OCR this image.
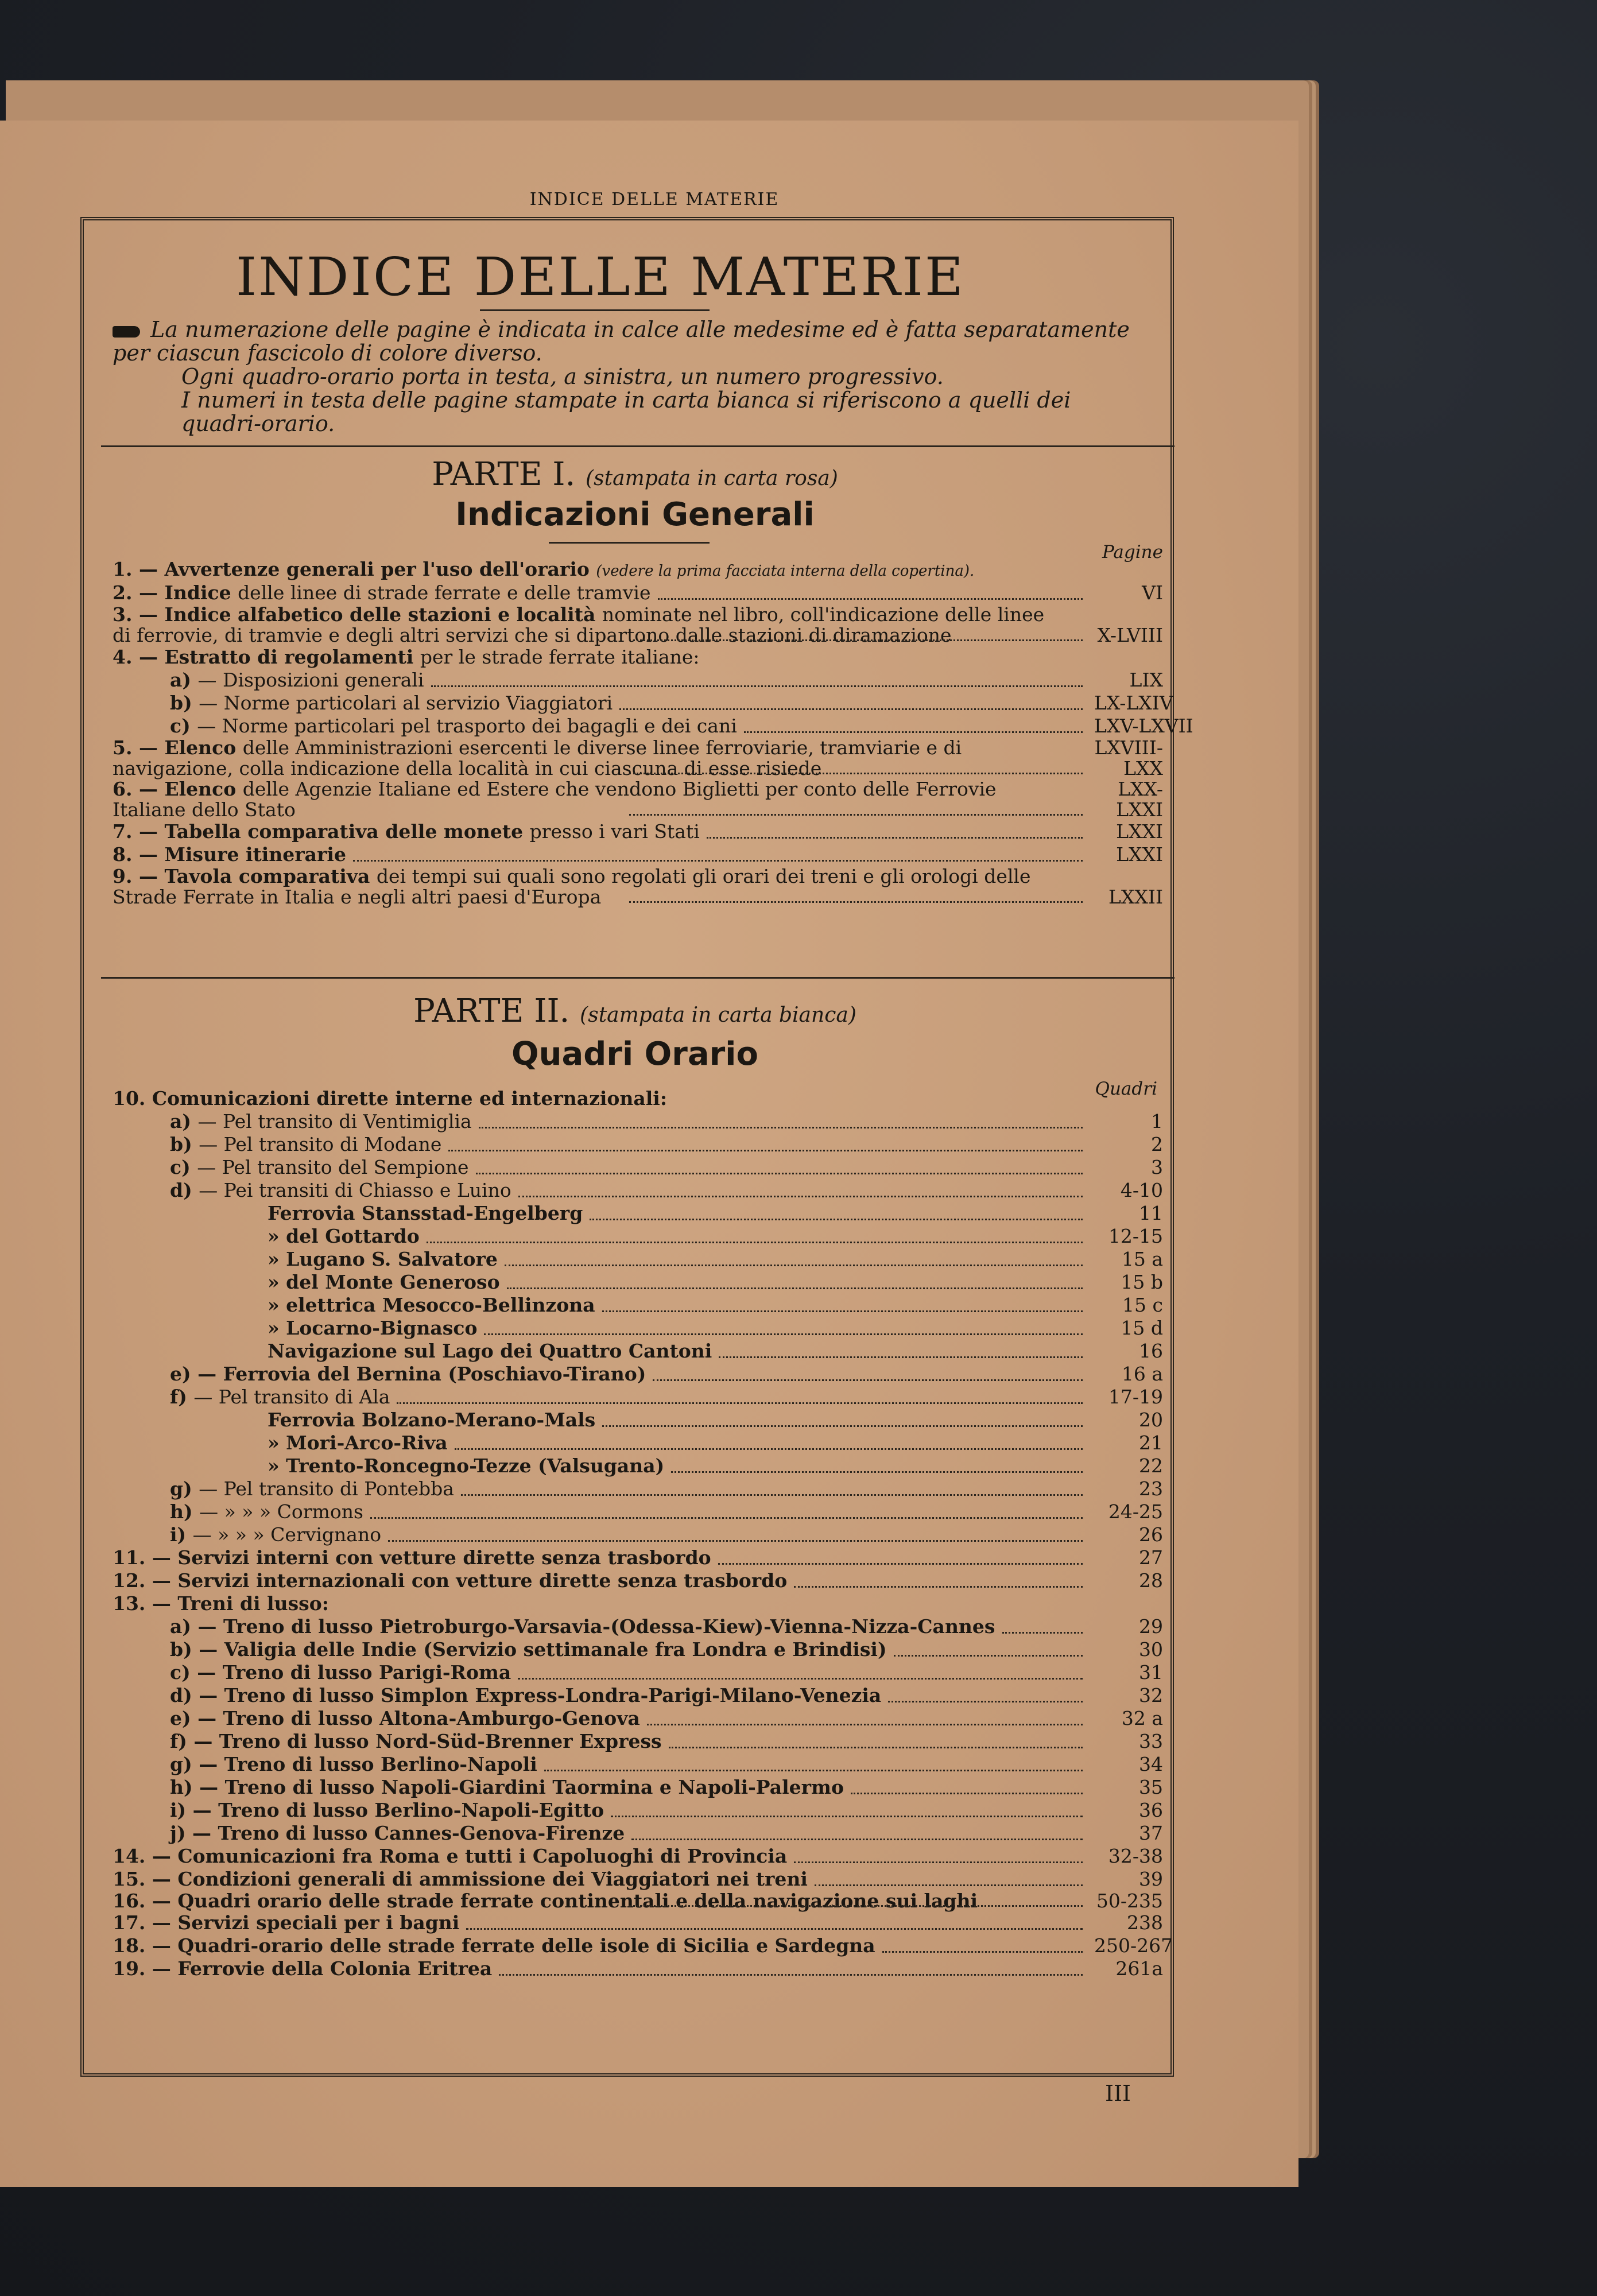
INDICE DELLE MATERIE
INDICE DELLE MATERIE

La numerazione delle pagine è indicata in calce alle medesime ed è fatta separatamente per ciascun fascicolo di colore diverso.

Ogni quadro-orario porta in testa, a sinistra, un numero progressivo.

I numeri in testa delle pagine stampate in carta bianca si riferiscono a quelli dei quadri-orario.

PARTE I. (stampata in carta rosa)
Indicazioni Generali
Pagine
1. — Avvertenze generali per l'uso dell'orario (vedere la prima facciata interna della copertina).
2. — Indice delle linee di strade ferrate e delle tramvie	VI
3. — Indice alfabetico delle stazioni e località nominate nel libro, coll'indicazione delle linee di ferrovie, di tramvie e degli altri servizi che si dipartono dalle stazioni di diramazione	X-LVIII
4. — Estratto di regolamenti per le strade ferrate italiane:
a) — Disposizioni generali	LIX
b) — Norme particolari al servizio Viaggiatori	LX-LXIV
c) — Norme particolari pel trasporto dei bagagli e dei cani	LXV-LXVII
5. — Elenco delle Amministrazioni esercenti le diverse linee ferroviarie, tramviarie e di navigazione, colla indicazione della località in cui ciascuna di esse risiede
LXVIII-LXX
6. — Elenco delle Agenzie Italiane ed Estere che vendono Biglietti per conto delle Ferrovie Italiane dello Stato
LXX-LXXI
7. — Tabella comparativa delle monete presso i vari Stati	LXXI
8. — Misure itinerarie	LXXI
9. — Tavola comparativa dei tempi sui quali sono regolati gli orari dei treni e gli orologi delle Strade Ferrate in Italia e negli altri paesi d'Europa	LXXII
PARTE II. (stampata in carta bianca)
Quadri Orario
Quadri
10. Comunicazioni dirette interne ed internazionali:
a) — Pel transito di Ventimiglia	1
b) — Pel transito di Modane	2
c) — Pel transito del Sempione	3
d) — Pei transiti di Chiasso e Luino	4-10
Ferrovia Stansstad-Engelberg	11
» del Gottardo	12-15
» Lugano S. Salvatore	15 a
» del Monte Generoso	15 b
» elettrica Mesocco-Bellinzona	15 c
» Locarno-Bignasco	15 d
Navigazione sul Lago dei Quattro Cantoni	16
e) — Ferrovia del Bernina (Poschiavo-Tirano)	16 a
f) — Pel transito di Ala	17-19
Ferrovia Bolzano-Merano-Mals	20
» Mori-Arco-Riva	21
» Trento-Roncegno-Tezze (Valsugana)	22
g) — Pel transito di Pontebba	23
h) — » » » Cormons	24-25
i) — » » » Cervignano	26
11. — Servizi interni con vetture dirette senza trasbordo	27
12. — Servizi internazionali con vetture dirette senza trasbordo	28
13. — Treni di lusso:
a) — Treno di lusso Pietroburgo-Varsavia-(Odessa-Kiew)-Vienna-Nizza-Cannes	29
b) — Valigia delle Indie (Servizio settimanale fra Londra e Brindisi)	30
c) — Treno di lusso Parigi-Roma	31
d) — Treno di lusso Simplon Express-Londra-Parigi-Milano-Venezia	32
e) — Treno di lusso Altona-Amburgo-Genova	32 a
f) — Treno di lusso Nord-Süd-Brenner Express	33
g) — Treno di lusso Berlino-Napoli	34
h) — Treno di lusso Napoli-Giardini Taormina e Napoli-Palermo	35
i) — Treno di lusso Berlino-Napoli-Egitto	36
j) — Treno di lusso Cannes-Genova-Firenze	37
14. — Comunicazioni fra Roma e tutti i Capoluoghi di Provincia	32-38
15. — Condizioni generali di ammissione dei Viaggiatori nei treni	39
16. — Quadri orario delle strade ferrate continentali e della navigazione sui laghi	50-235
17. — Servizi speciali per i bagni	238
18. — Quadri-orario delle strade ferrate delle isole di Sicilia e Sardegna	250-267
19. — Ferrovie della Colonia Eritrea	261a
III
